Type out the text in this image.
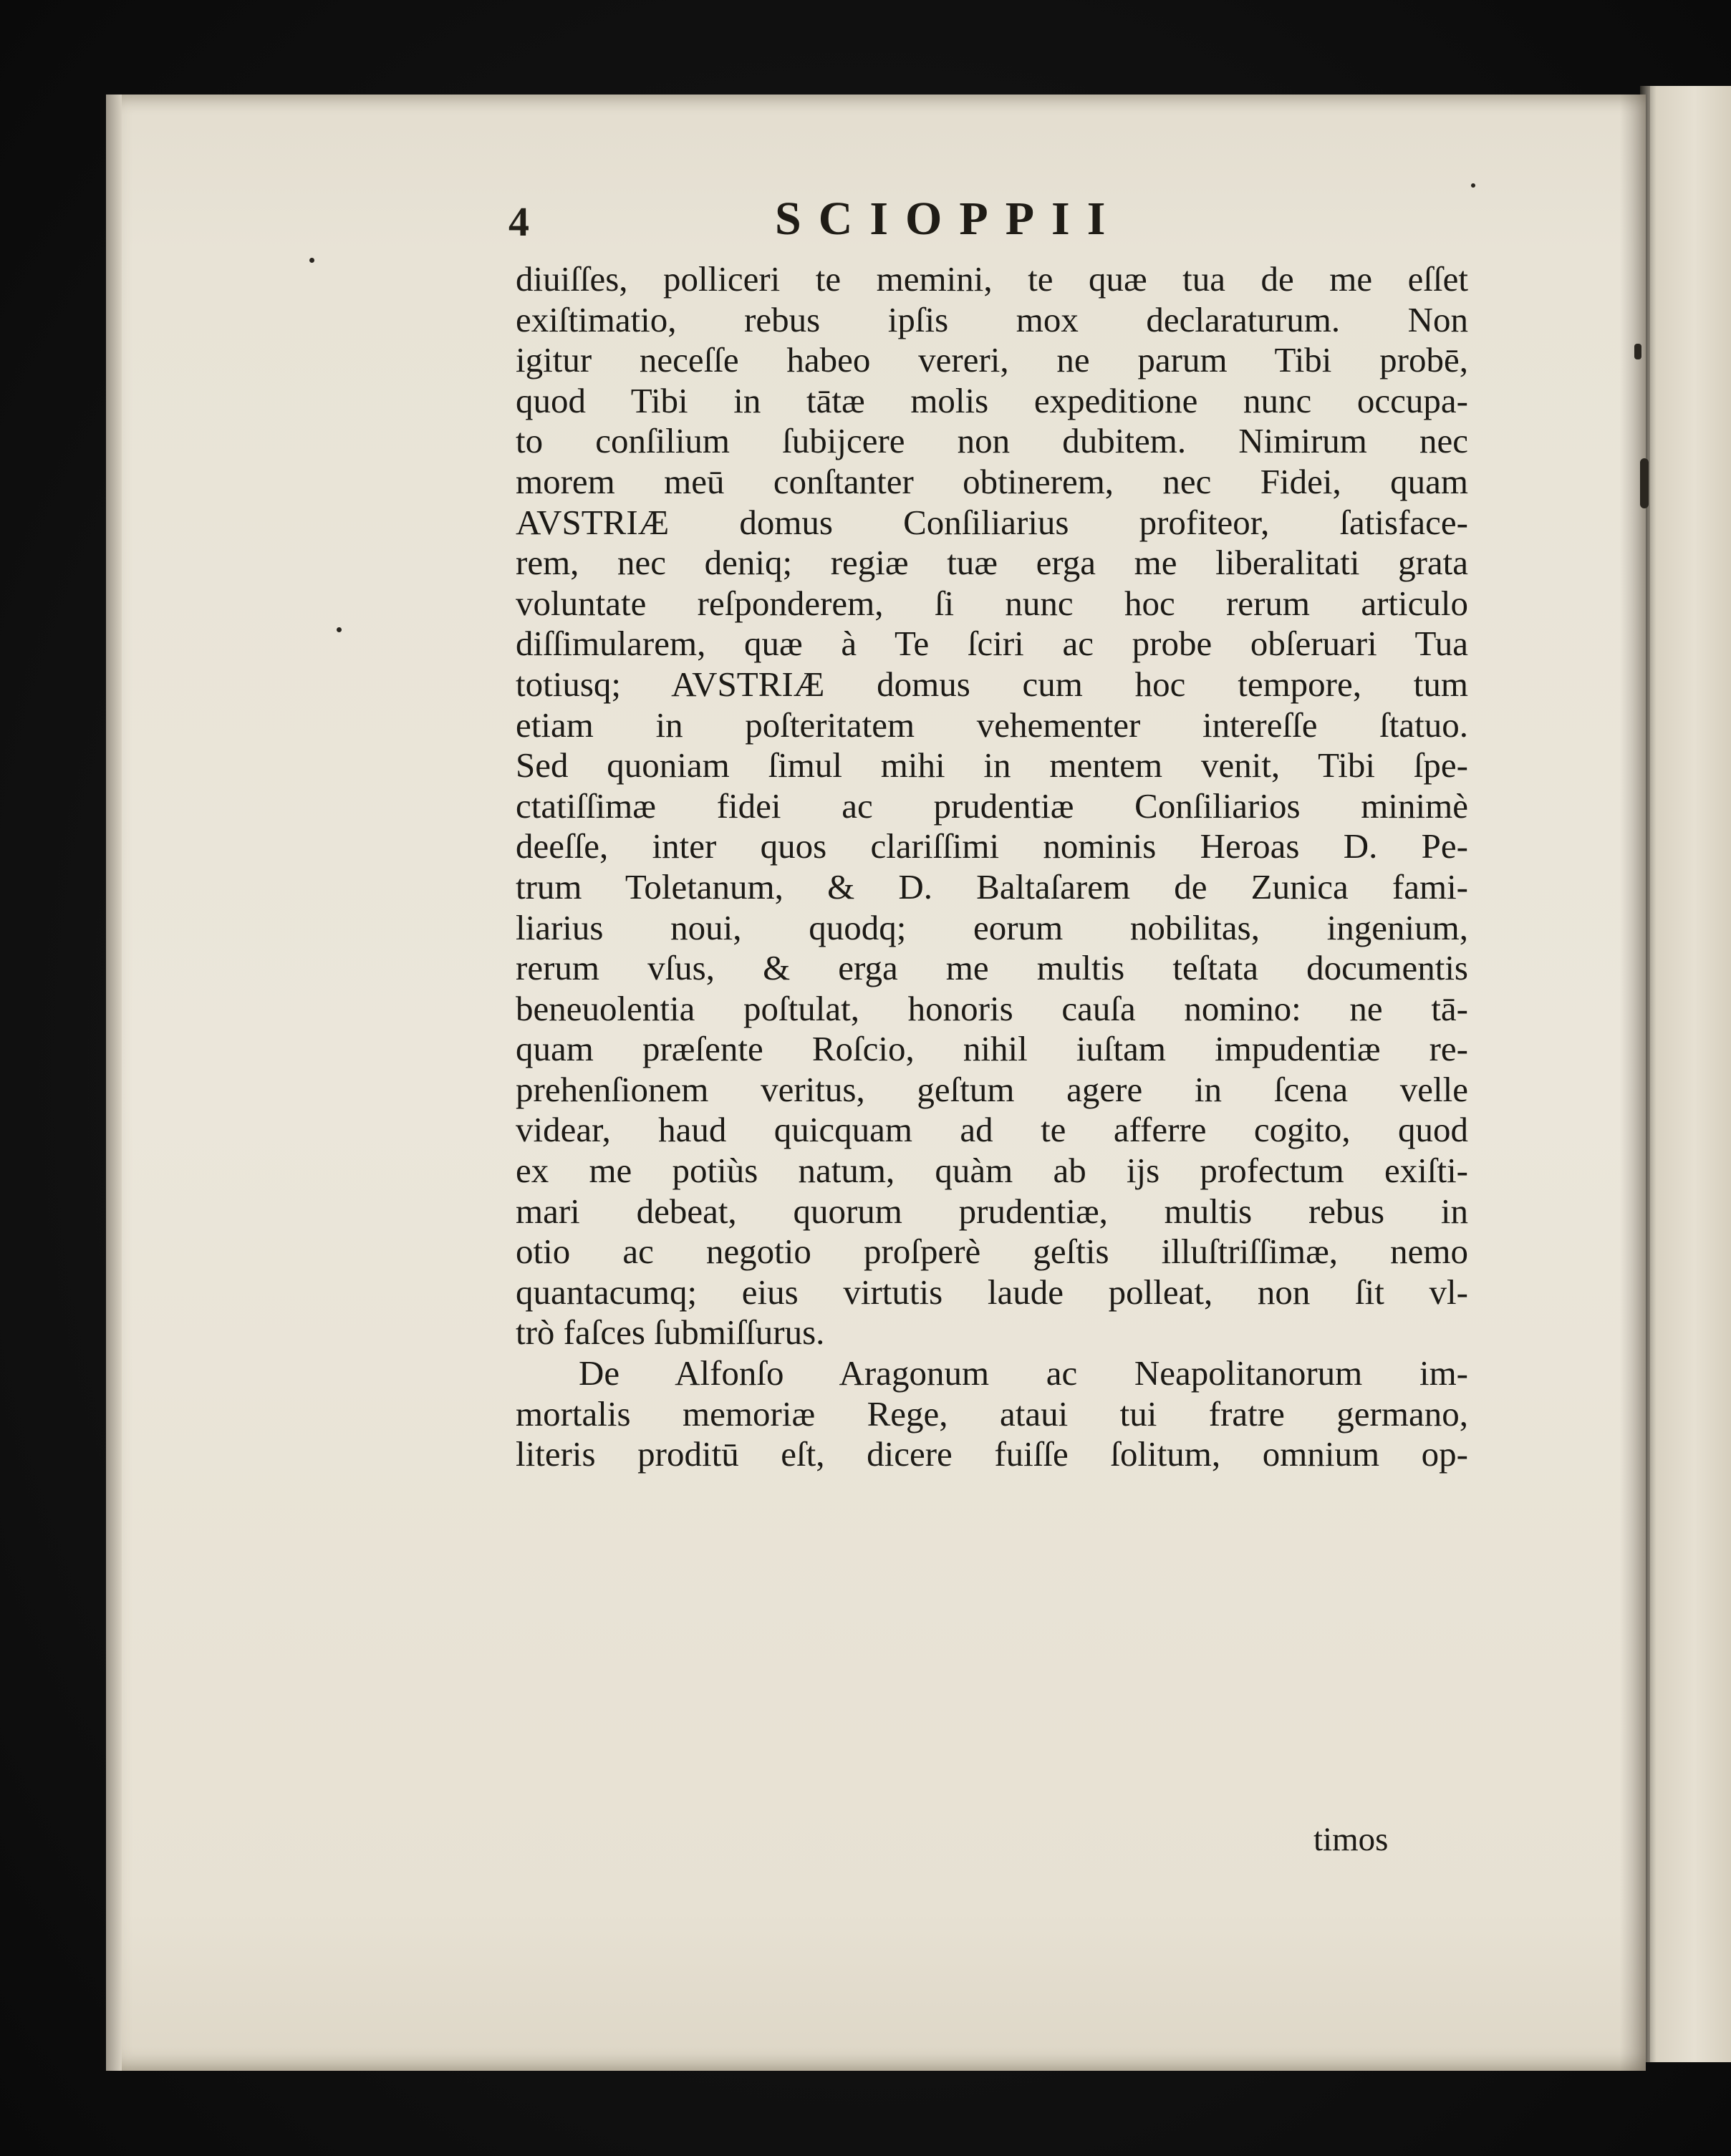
4	SCIOPPII
diuiſſes, polliceri te memini, te quæ tua de me eſſet
exiſtimatio, rebus ipſis mox declaraturum. Non
igitur neceſſe habeo vereri, ne parum Tibi probē,
quod Tibi in tātæ molis expeditione nunc occupa-
to conſilium ſubijcere non dubitem. Nimirum nec
morem meū conſtanter obtinerem, nec Fidei, quam
AVSTRIÆ domus Conſiliarius profiteor, ſatisface-
rem, nec deniq; regiæ tuæ erga me liberalitati grata
voluntate reſponderem, ſi nunc hoc rerum articulo
diſſimularem, quæ à Te ſciri ac probe obſeruari Tua
totiusq; AVSTRIÆ domus cum hoc tempore, tum
etiam in poſteritatem vehementer intereſſe ſtatuo.
Sed quoniam ſimul mihi in mentem venit, Tibi ſpe-
ctatiſſimæ fidei ac prudentiæ Conſiliarios minimè
deeſſe, inter quos clariſſimi nominis Heroas D. Pe-
trum Toletanum, & D. Baltaſarem de Zunica fami-
liarius noui, quodq; eorum nobilitas, ingenium,
rerum vſus, & erga me multis teſtata documentis
beneuolentia poſtulat, honoris cauſa nomino: ne tā-
quam præſente Roſcio, nihil iuſtam impudentiæ re-
prehenſionem veritus, geſtum agere in ſcena velle
videar, haud quicquam ad te afferre cogito, quod
ex me potiùs natum, quàm ab ijs profectum exiſti-
mari debeat, quorum prudentiæ, multis rebus in
otio ac negotio proſperè geſtis illuſtriſſimæ, nemo
quantacumq; eius virtutis laude polleat, non ſit vl-
trò faſces ſubmiſſurus.
De Alfonſo Aragonum ac Neapolitanorum im-
mortalis memoriæ Rege, ataui tui fratre germano,
literis proditū eſt, dicere fuiſſe ſolitum, omnium op-
timos
